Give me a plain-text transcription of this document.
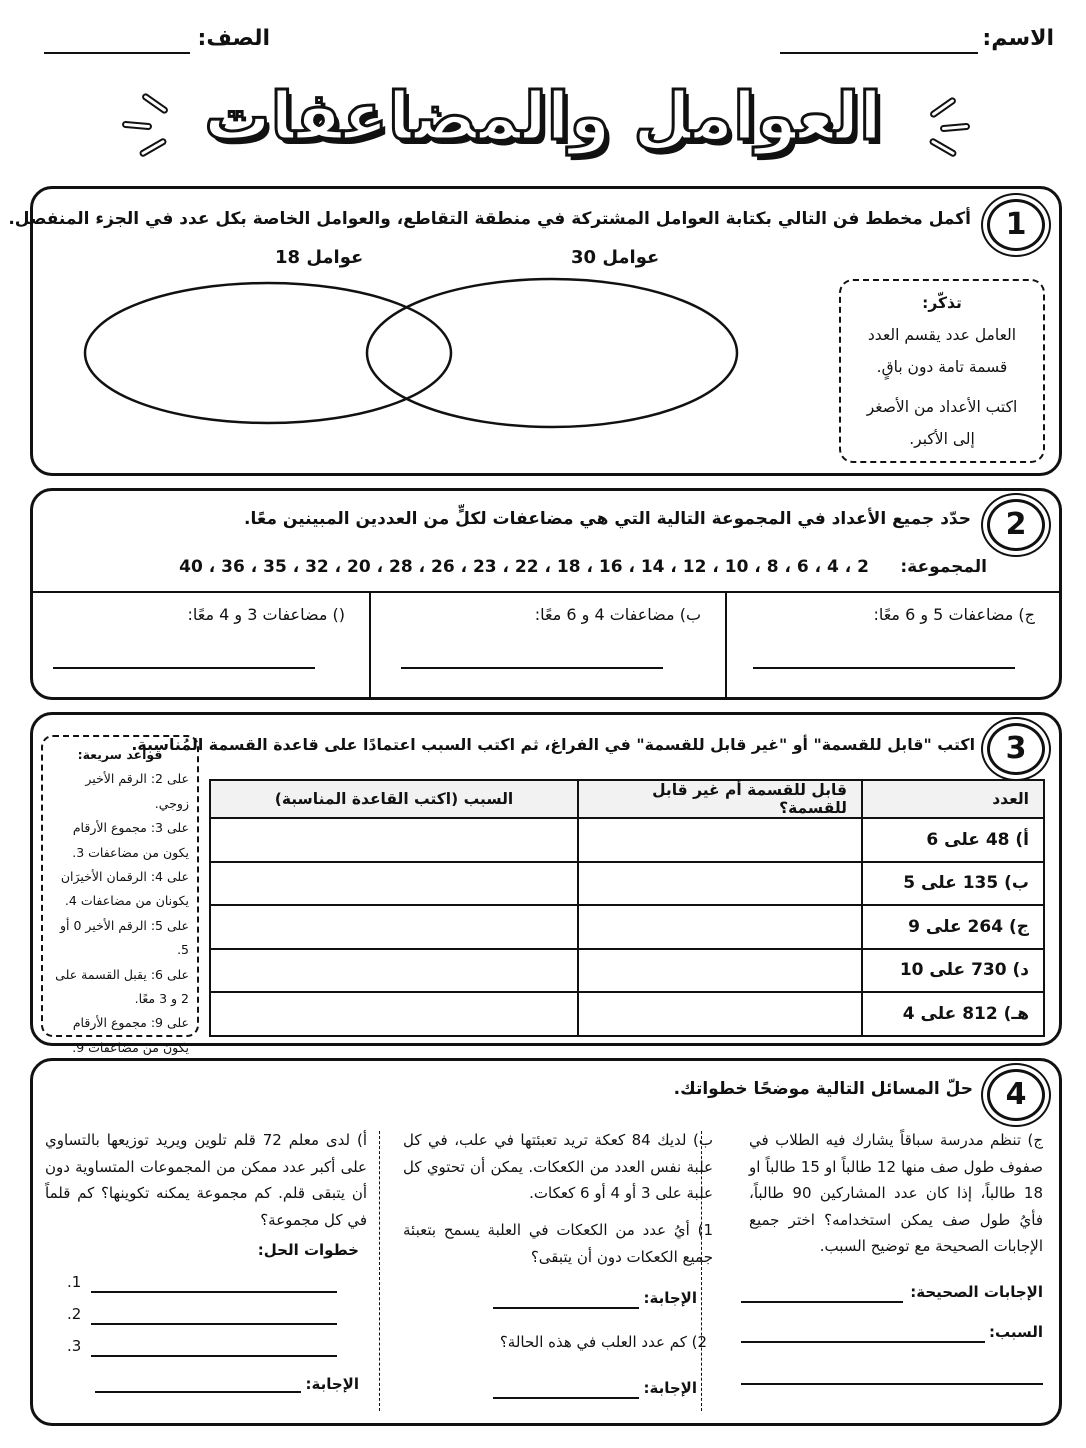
الاسم:
الصف:
العوامل والمضاعفات
1
أكمل مخطط فن التالي بكتابة العوامل المشتركة في منطقة التقاطع، والعوامل الخاصة بكل عدد في الجزء المنفصل.
عوامل 18	عوامل 30
تذكّر:
العامل عدد يقسم العدد
قسمة تامة دون باقٍ.
اكتب الأعداد من الأصغر
إلى الأكبر.
2
حدّد جميع الأعداد في المجموعة التالية التي هي مضاعفات لكلٍّ من العددين المبينين معًا.
المجموعة:
2 ، 4 ، 6 ، 8 ، 10 ، 12 ، 14 ، 16 ، 18 ، 22 ، 23 ، 26 ، 28 ، 20 ، 32 ، 35 ، 36 ، 40
ج) مضاعفات 5 و 6 معًا:
ب) مضاعفات 4 و 6 معًا:
() مضاعفات 3 و 4 معًا:
3
اكتب "قابل للقسمة" أو "غير قابل للقسمة" في الفراغ، ثم اكتب السبب اعتمادًا على قاعدة القسمة المُناسبة.
العدد	قابل للقسمة أم غير قابل للقسمة؟	السبب (اكتب القاعدة المناسبة)
أ) 48 على 6		
ب) 135 على 5		
ج) 264 على 9		
د) 730 على 10		
هـ) 812 على 4		
قواعد سريعة:
على 2: الرقم الأخير زوجي.
على 3: مجموع الأرقام
يكون من مضاعفات 3.
على 4: الرقمان الأخيرَان
يكونان من مضاعفات 4.
على 5: الرقم الأخير 0 أو 5.
على 6: يقبل القسمة على
2 و 3 معًا.
على 9: مجموع الأرقام
يكون من مضاعفات 9.
4
حلّ المسائل التالية موضحًا خطواتك.
ج) تنظم مدرسة سباقاً يشارك فيه الطلاب في صفوف طول صف منها 12 طالباً او 15 طالباً او 18 طالباً، إذا كان عدد المشاركين 90 طالباً، فأيُ طول صف يمكن استخدامه؟ اختر جميع الإجابات الصحيحة مع توضيح السبب.
الإجابات الصحيحة:
السبب:
ب) لديك 84 كعكة تريد تعبئتها في علب، في كل علبة نفس العدد من الكعكات. يمكن أن تحتوي كل علبة على 3 أو 4 أو 6 كعكات.
1) أيُ عدد من الكعكات في العلبة يسمح بتعبئة جميع الكعكات دون أن يتبقى؟
الإجابة:
2) كم عدد العلب في هذه الحالة؟
الإجابة:
أ) لدى معلم 72 قلم تلوين ويريد توزيعها بالتساوي على أكبر عدد ممكن من المجموعات المتساوية دون أن يتبقى قلم. كم مجموعة يمكنه تكوينها؟ كم قلماً في كل مجموعة؟
خطوات الحل:
1.
2.
3.
الإجابة:
